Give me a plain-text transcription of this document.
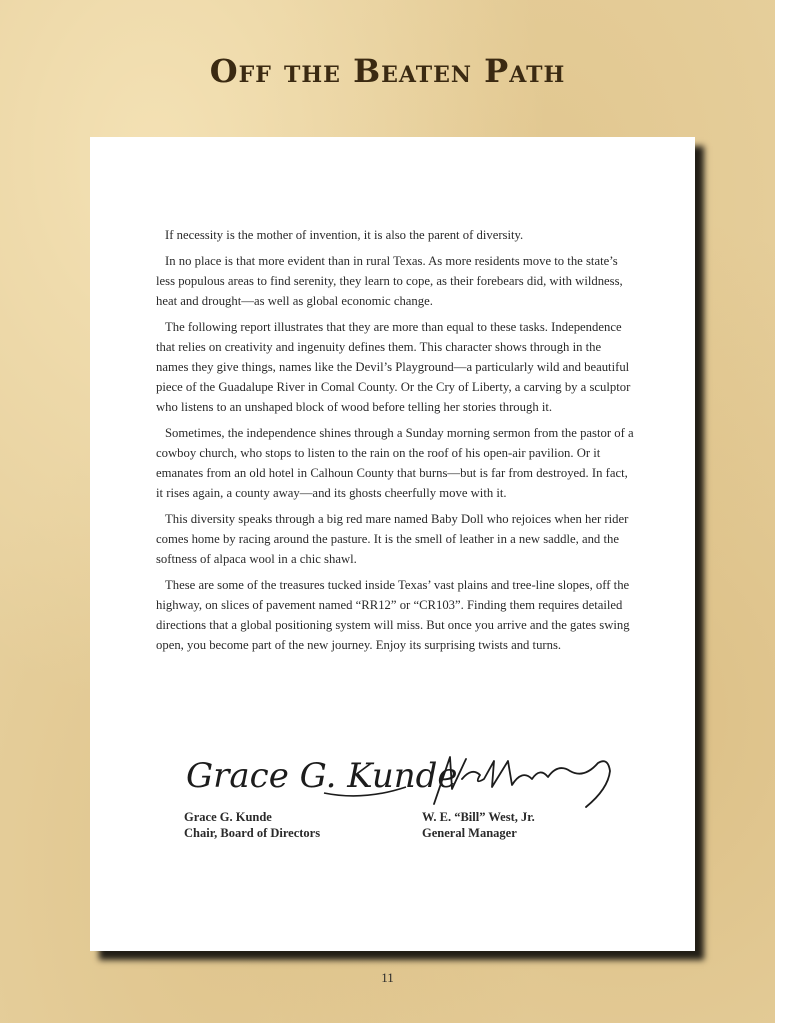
Off the Beaten Path

If necessity is the mother of invention, it is also the parent of diversity.

In no place is that more evident than in rural Texas. As more residents move to the state’s less populous areas to find serenity, they learn to cope, as their forebears did, with wildness, heat and drought—as well as global economic change.

The following report illustrates that they are more than equal to these tasks. Independence that relies on creativity and ingenuity defines them. This character shows through in the names they give things, names like the Devil’s Playground—a particularly wild and beautiful piece of the Guadalupe River in Comal County. Or the Cry of Liberty, a carving by a sculptor who listens to an unshaped block of wood before telling her stories through it.

Sometimes, the independence shines through a Sunday morning sermon from the pastor of a cowboy church, who stops to listen to the rain on the roof of his open-air pavilion. Or it emanates from an old hotel in Calhoun County that burns—but is far from destroyed. In fact, it rises again, a county away—and its ghosts cheerfully move with it.

This diversity speaks through a big red mare named Baby Doll who rejoices when her rider comes home by racing around the pasture. It is the smell of leather in a new saddle, and the softness of alpaca wool in a chic shawl.

These are some of the treasures tucked inside Texas’ vast plains and tree-line slopes, off the highway, on slices of pavement named “RR12” or “CR103”. Finding them requires detailed directions that a global positioning system will miss. But once you arrive and the gates swing open, you become part of the new journey. Enjoy its surprising twists and turns.

Grace G. Kunde
Grace G. Kunde
Chair, Board of Directors
W. E. “Bill” West, Jr.
General Manager
11
